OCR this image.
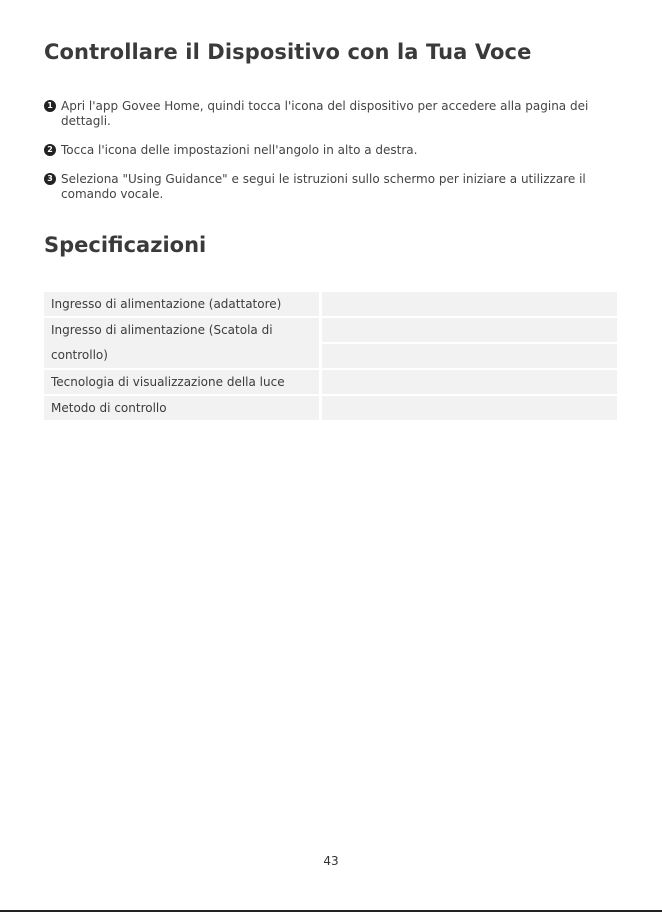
Controllare il Dispositivo con la Tua Voce
1 Apri l'app Govee Home, quindi tocca l'icona del dispositivo per accedere alla pagina dei dettagli.
2 Tocca l'icona delle impostazioni nell'angolo in alto a destra.
3 Seleziona "Using Guidance" e segui le istruzioni sullo schermo per iniziare a utilizzare il comando vocale.
Specificazioni
Ingresso di alimentazione (adattatore)
Ingresso di alimentazione (Scatola di controllo)
Tecnologia di visualizzazione della luce
Metodo di controllo
43
